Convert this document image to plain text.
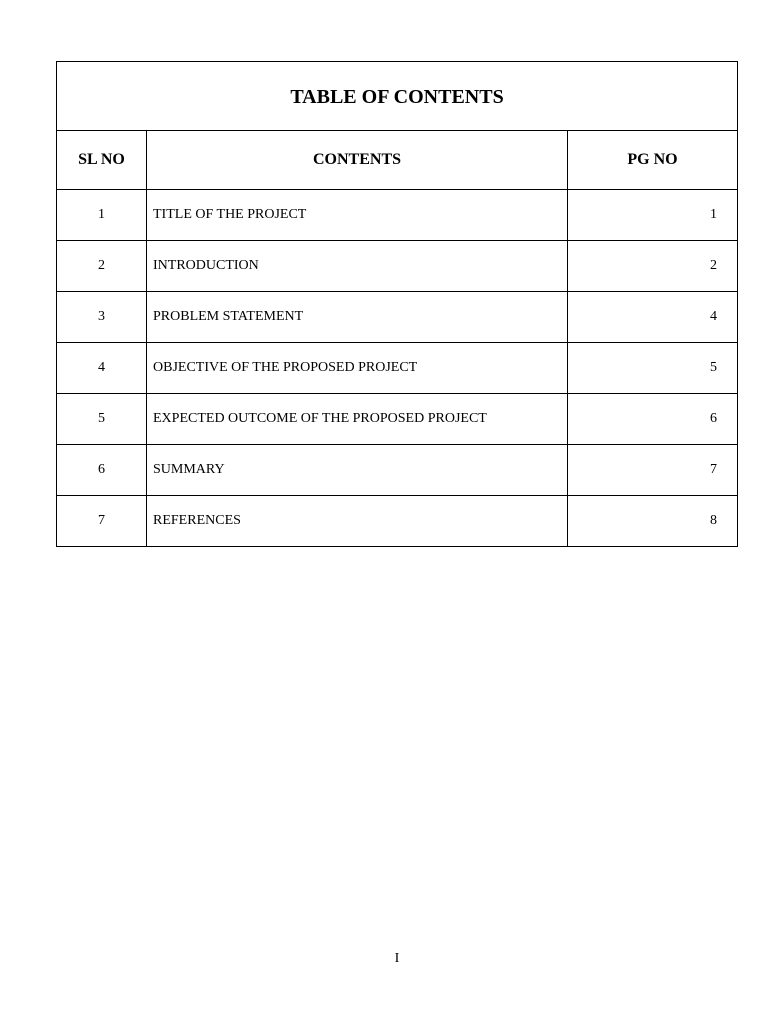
TABLE OF CONTENTS		
SL NO	CONTENTS	PG NO
1	TITLE OF THE PROJECT	1
2	INTRODUCTION	2
3	PROBLEM STATEMENT	4
4	OBJECTIVE OF THE PROPOSED PROJECT	5
5	EXPECTED OUTCOME OF THE PROPOSED PROJECT	6
6	SUMMARY	7
7	REFERENCES	8
I
